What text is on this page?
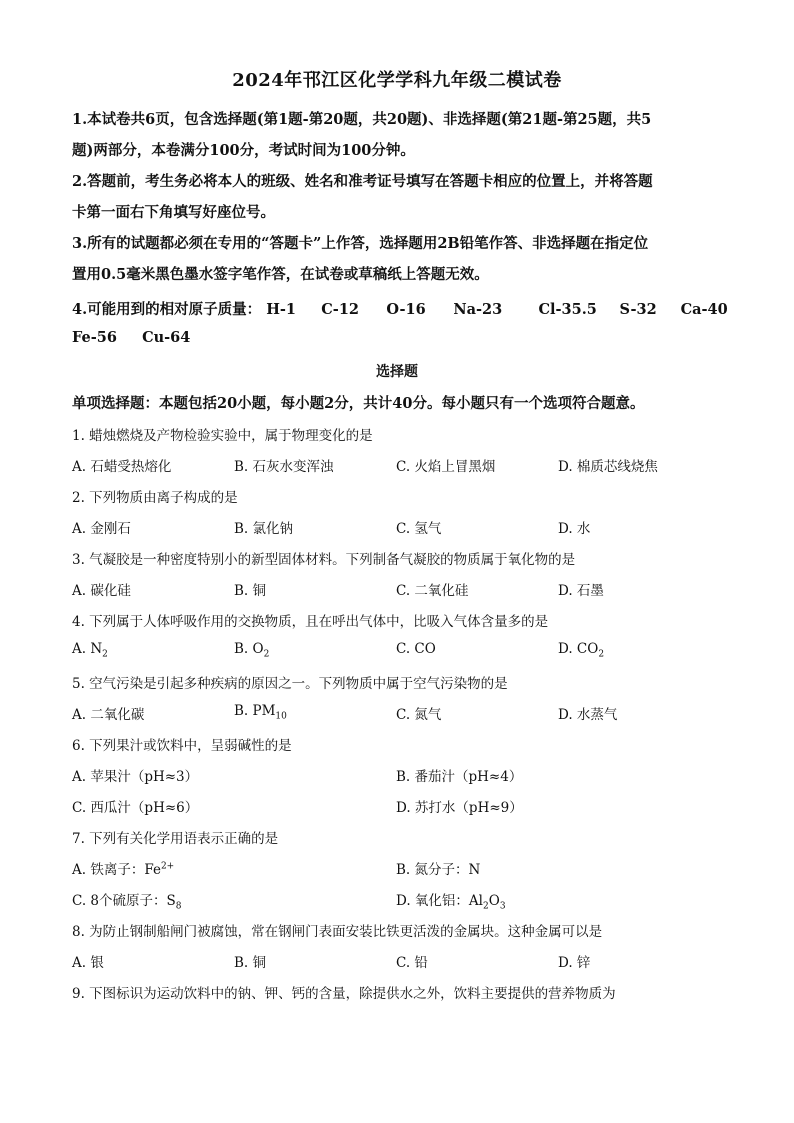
2024年邗江区化学学科九年级二模试卷
1.本试卷共6页，包含选择题(第1题-第20题，共20题)、非选择题(第21题-第25题，共5
题)两部分，本卷满分100分，考试时间为100分钟。
2.答题前，考生务必将本人的班级、姓名和准考证号填写在答题卡相应的位置上，并将答题
卡第一面右下角填写好座位号。
3.所有的试题都必须在专用的“答题卡”上作答，选择题用2B铅笔作答、非选择题在指定位
置用0.5毫米黑色墨水签字笔作答，在试卷或草稿纸上答题无效。
4.可能用到的相对原子质量： H-1 C-12 O-16 Na-23 Cl-35.5 S-32 Ca-40
Fe-56 Cu-64
选择题
单项选择题：本题包括20小题，每小题2分，共计40分。每小题只有一个选项符合题意。
1. 蜡烛燃烧及产物检验实验中，属于物理变化的是
A. 石蜡受热熔化	B. 石灰水变浑浊	C. 火焰上冒黑烟	D. 棉质芯线烧焦
2. 下列物质由离子构成的是
A. 金刚石	B. 氯化钠	C. 氢气	D. 水
3. 气凝胶是一种密度特别小的新型固体材料。下列制备气凝胶的物质属于氧化物的是
A. 碳化硅	B. 铜	C. 二氧化硅	D. 石墨
4. 下列属于人体呼吸作用的交换物质，且在呼出气体中，比吸入气体含量多的是
A. $N_2$	B. $O_2$	C. CO	D. $CO_2$
5. 空气污染是引起多种疾病的原因之一。下列物质中属于空气污染物的是
A. 二氧化碳	B. $PM_{10}$	C. 氮气	D. 水蒸气
6. 下列果汁或饮料中，呈弱碱性的是
A. 苹果汁（pH≈3）	B. 番茄汁（pH≈4）
C. 西瓜汁（pH≈6）	D. 苏打水（pH≈9）
7. 下列有关化学用语表示正确的是
A. 铁离子：$Fe^{2+}$	B. 氮分子：N
C. 8个硫原子：$S_8$	D. 氧化铝：$Al_2O_3$
8. 为防止钢制船闸门被腐蚀，常在钢闸门表面安装比铁更活泼的金属块。这种金属可以是
A. 银	B. 铜	C. 铅	D. 锌
9. 下图标识为运动饮料中的钠、钾、钙的含量，除提供水之外，饮料主要提供的营养物质为
